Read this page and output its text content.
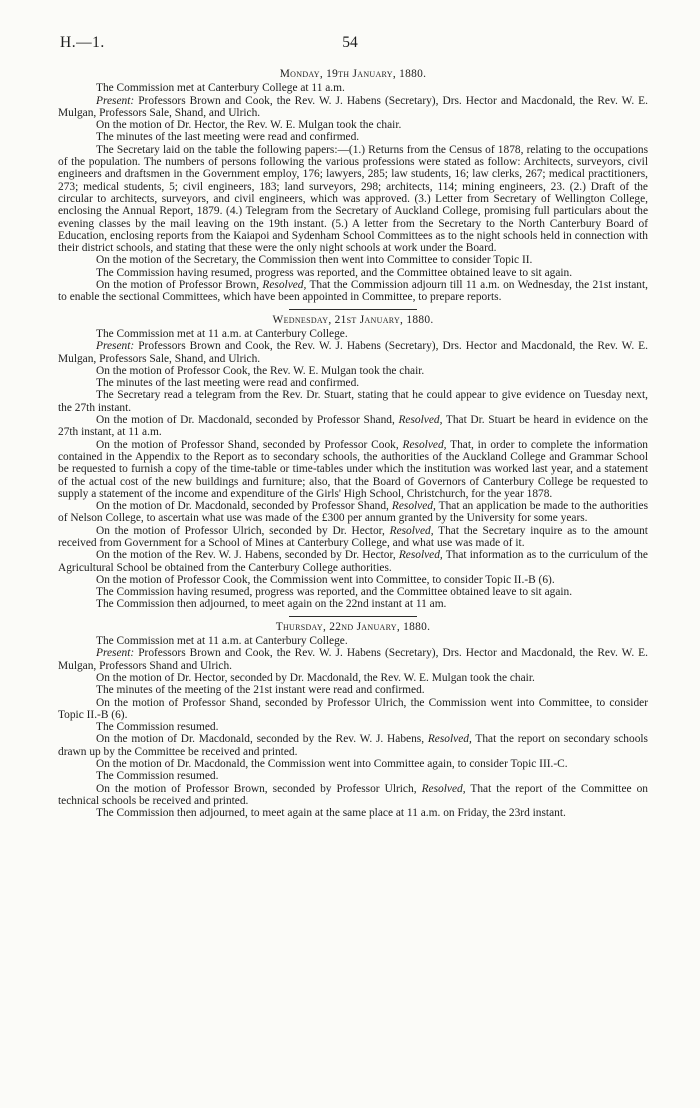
H.—1.	54
Monday, 19th January, 1880.

The Commission met at Canterbury College at 11 a.m.

Present: Professors Brown and Cook, the Rev. W. J. Habens (Secretary), Drs. Hector and Macdonald, the Rev. W. E. Mulgan, Professors Sale, Shand, and Ulrich.

On the motion of Dr. Hector, the Rev. W. E. Mulgan took the chair.

The minutes of the last meeting were read and confirmed.

The Secretary laid on the table the following papers:—(1.) Returns from the Census of 1878, relating to the occupations of the population. The numbers of persons following the various professions were stated as follow: Architects, surveyors, civil engineers and draftsmen in the Government employ, 176; lawyers, 285; law students, 16; law clerks, 267; medical practitioners, 273; medical students, 5; civil engineers, 183; land surveyors, 298; architects, 114; mining engineers, 23. (2.) Draft of the circular to architects, surveyors, and civil engineers, which was approved. (3.) Letter from Secretary of Wellington College, enclosing the Annual Report, 1879. (4.) Telegram from the Secretary of Auckland College, promising full particulars about the evening classes by the mail leaving on the 19th instant. (5.) A letter from the Secretary to the North Canterbury Board of Education, enclosing reports from the Kaiapoi and Sydenham School Committees as to the night schools held in connection with their district schools, and stating that these were the only night schools at work under the Board.

On the motion of the Secretary, the Commission then went into Committee to consider Topic II.

The Commission having resumed, progress was reported, and the Committee obtained leave to sit again.

On the motion of Professor Brown, Resolved, That the Commission adjourn till 11 a.m. on Wednesday, the 21st instant, to enable the sectional Committees, which have been appointed in Committee, to prepare reports.

Wednesday, 21st January, 1880.

The Commission met at 11 a.m. at Canterbury College.

Present: Professors Brown and Cook, the Rev. W. J. Habens (Secretary), Drs. Hector and Macdonald, the Rev. W. E. Mulgan, Professors Sale, Shand, and Ulrich.

On the motion of Professor Cook, the Rev. W. E. Mulgan took the chair.

The minutes of the last meeting were read and confirmed.

The Secretary read a telegram from the Rev. Dr. Stuart, stating that he could appear to give evidence on Tuesday next, the 27th instant.

On the motion of Dr. Macdonald, seconded by Professor Shand, Resolved, That Dr. Stuart be heard in evidence on the 27th instant, at 11 a.m.

On the motion of Professor Shand, seconded by Professor Cook, Resolved, That, in order to complete the information contained in the Appendix to the Report as to secondary schools, the authorities of the Auckland College and Grammar School be requested to furnish a copy of the time-table or time-tables under which the institution was worked last year, and a statement of the actual cost of the new buildings and furniture; also, that the Board of Governors of Canterbury College be requested to supply a statement of the income and expenditure of the Girls' High School, Christchurch, for the year 1878.

On the motion of Dr. Macdonald, seconded by Professor Shand, Resolved, That an application be made to the authorities of Nelson College, to ascertain what use was made of the £300 per annum granted by the University for some years.

On the motion of Professor Ulrich, seconded by Dr. Hector, Resolved, That the Secretary inquire as to the amount received from Government for a School of Mines at Canterbury College, and what use was made of it.

On the motion of the Rev. W. J. Habens, seconded by Dr. Hector, Resolved, That information as to the curriculum of the Agricultural School be obtained from the Canterbury College authorities.

On the motion of Professor Cook, the Commission went into Committee, to consider Topic II.-B (6).

The Commission having resumed, progress was reported, and the Committee obtained leave to sit again.

The Commission then adjourned, to meet again on the 22nd instant at 11 am.

Thursday, 22nd January, 1880.

The Commission met at 11 a.m. at Canterbury College.

Present: Professors Brown and Cook, the Rev. W. J. Habens (Secretary), Drs. Hector and Macdonald, the Rev. W. E. Mulgan, Professors Shand and Ulrich.

On the motion of Dr. Hector, seconded by Dr. Macdonald, the Rev. W. E. Mulgan took the chair.

The minutes of the meeting of the 21st instant were read and confirmed.

On the motion of Professor Shand, seconded by Professor Ulrich, the Commission went into Committee, to consider Topic II.-B (6).

The Commission resumed.

On the motion of Dr. Macdonald, seconded by the Rev. W. J. Habens, Resolved, That the report on secondary schools drawn up by the Committee be received and printed.

On the motion of Dr. Macdonald, the Commission went into Committee again, to consider Topic III.-C.

The Commission resumed.

On the motion of Professor Brown, seconded by Professor Ulrich, Resolved, That the report of the Committee on technical schools be received and printed.

The Commission then adjourned, to meet again at the same place at 11 a.m. on Friday, the 23rd instant.
